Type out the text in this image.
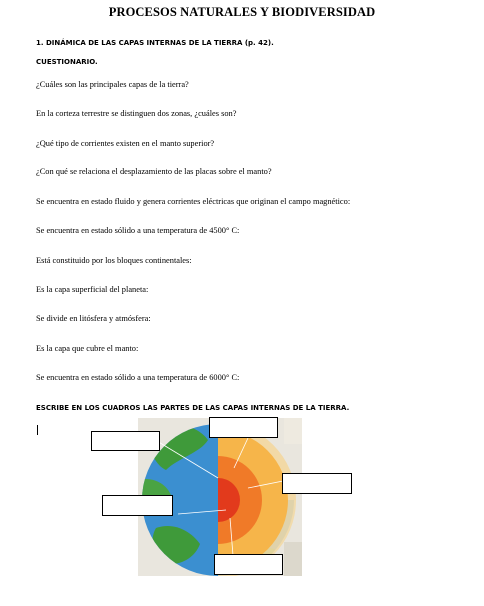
PROCESOS NATURALES Y BIODIVERSIDAD
1. DINÁMICA DE LAS CAPAS INTERNAS DE LA TIERRA (p. 42).
CUESTIONARIO.
¿Cuáles son las principales capas de la tierra?
En la corteza terrestre se distinguen dos zonas, ¿cuáles son?
¿Qué tipo de corrientes existen en el manto superior?
¿Con qué se relaciona el desplazamiento de las placas sobre el manto?
Se encuentra en estado fluido y genera corrientes eléctricas que originan el campo magnético:
Se encuentra en estado sólido a una temperatura de 4500° C:
Está constituido por los bloques continentales:
Es la capa superficial del planeta:
Se divide en litósfera y atmósfera:
Es la capa que cubre el manto:
Se encuentra en estado sólido a una temperatura de 6000° C:
ESCRIBE EN LOS CUADROS LAS PARTES DE LAS CAPAS INTERNAS DE LA TIERRA.
